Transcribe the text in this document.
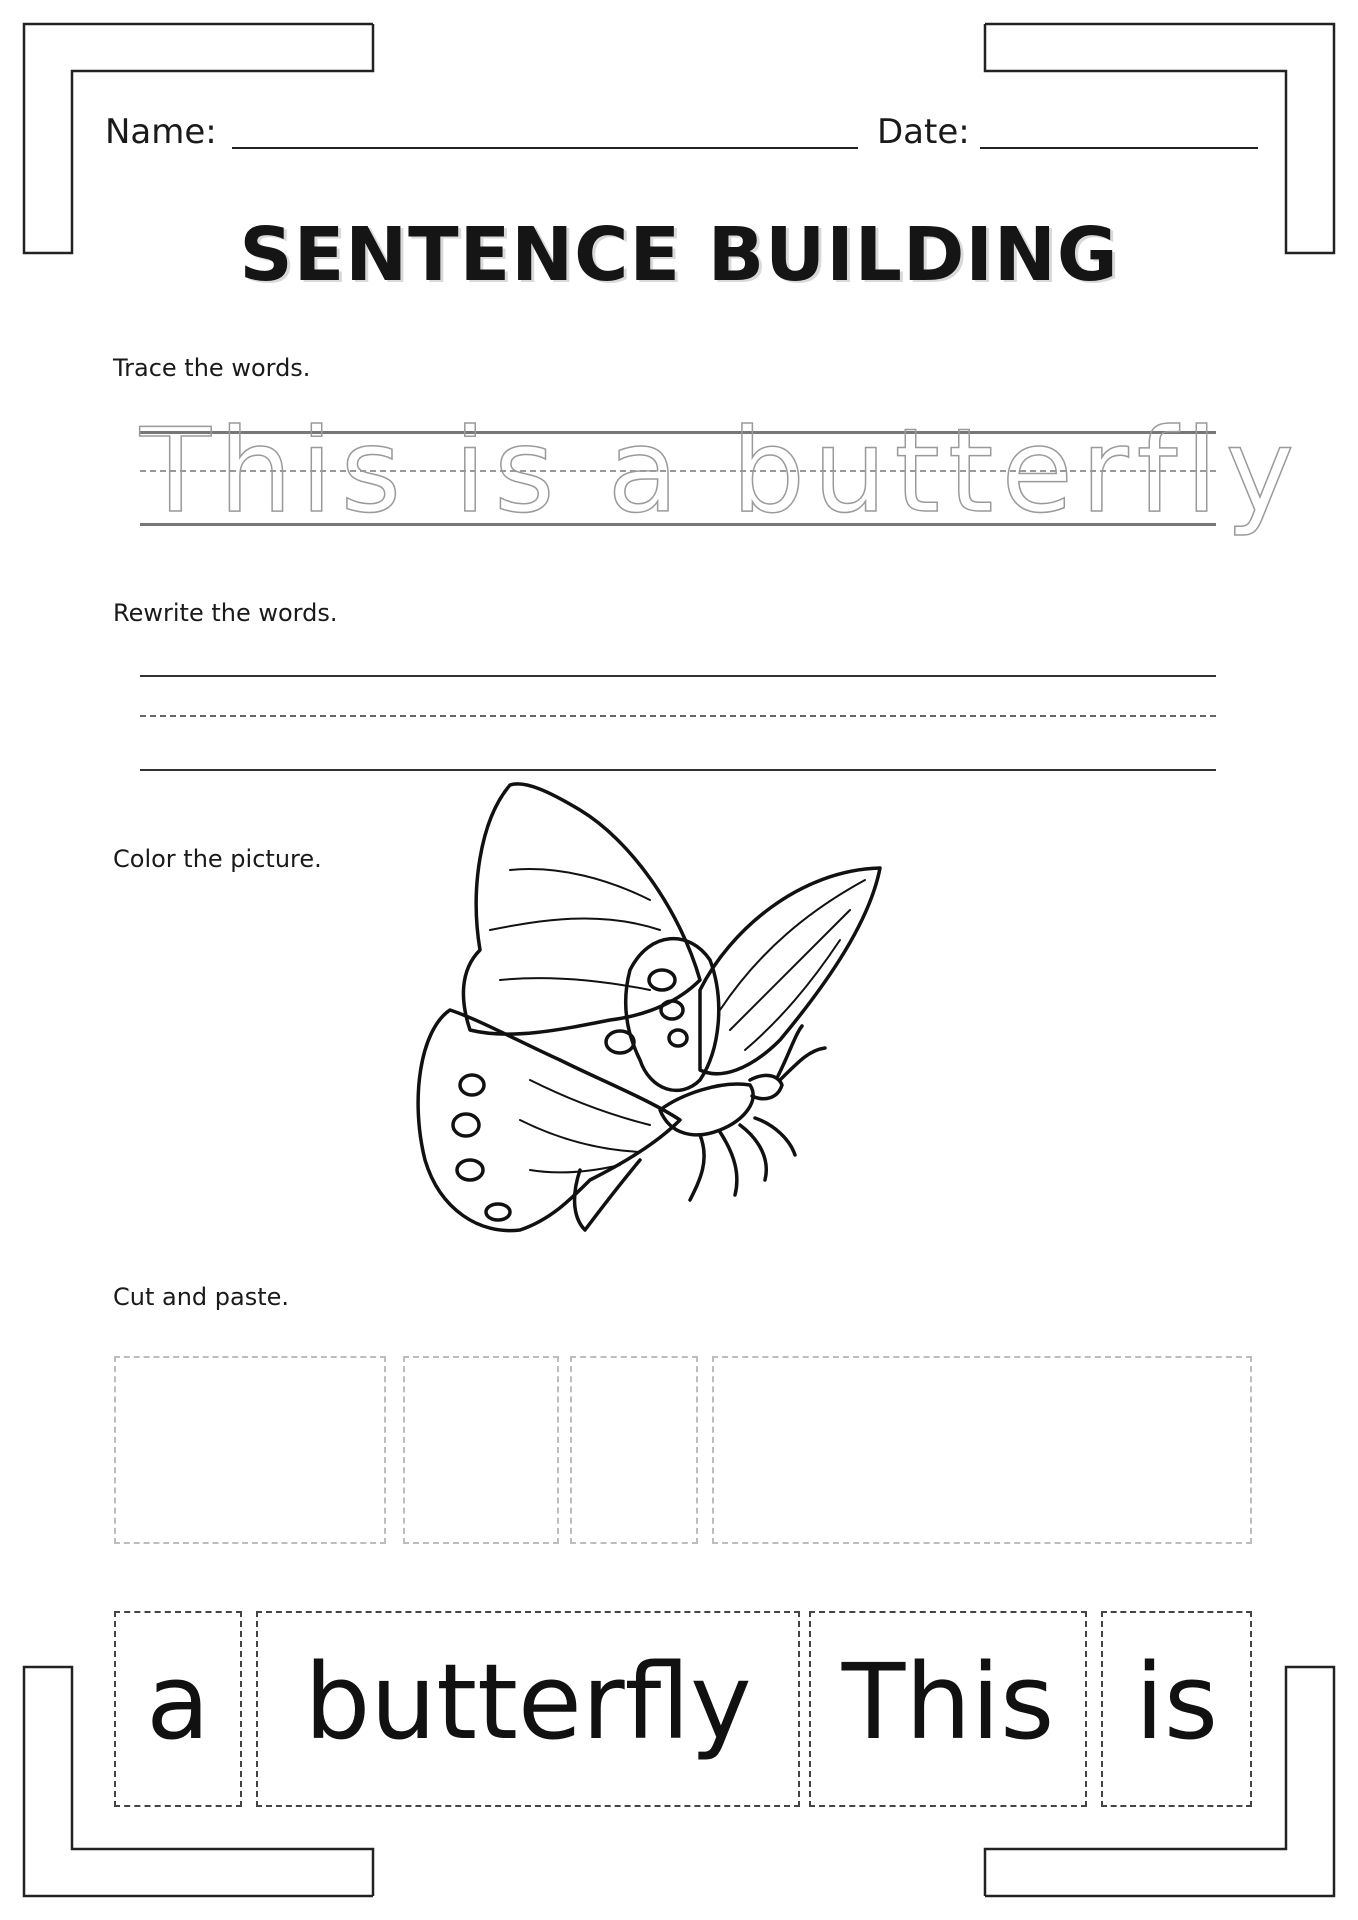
Name:	Date:
SENTENCE BUILDING
Trace the words.
This is a butterfly
Rewrite the words.
Color the picture.
Cut and paste.
a butterfly This is
